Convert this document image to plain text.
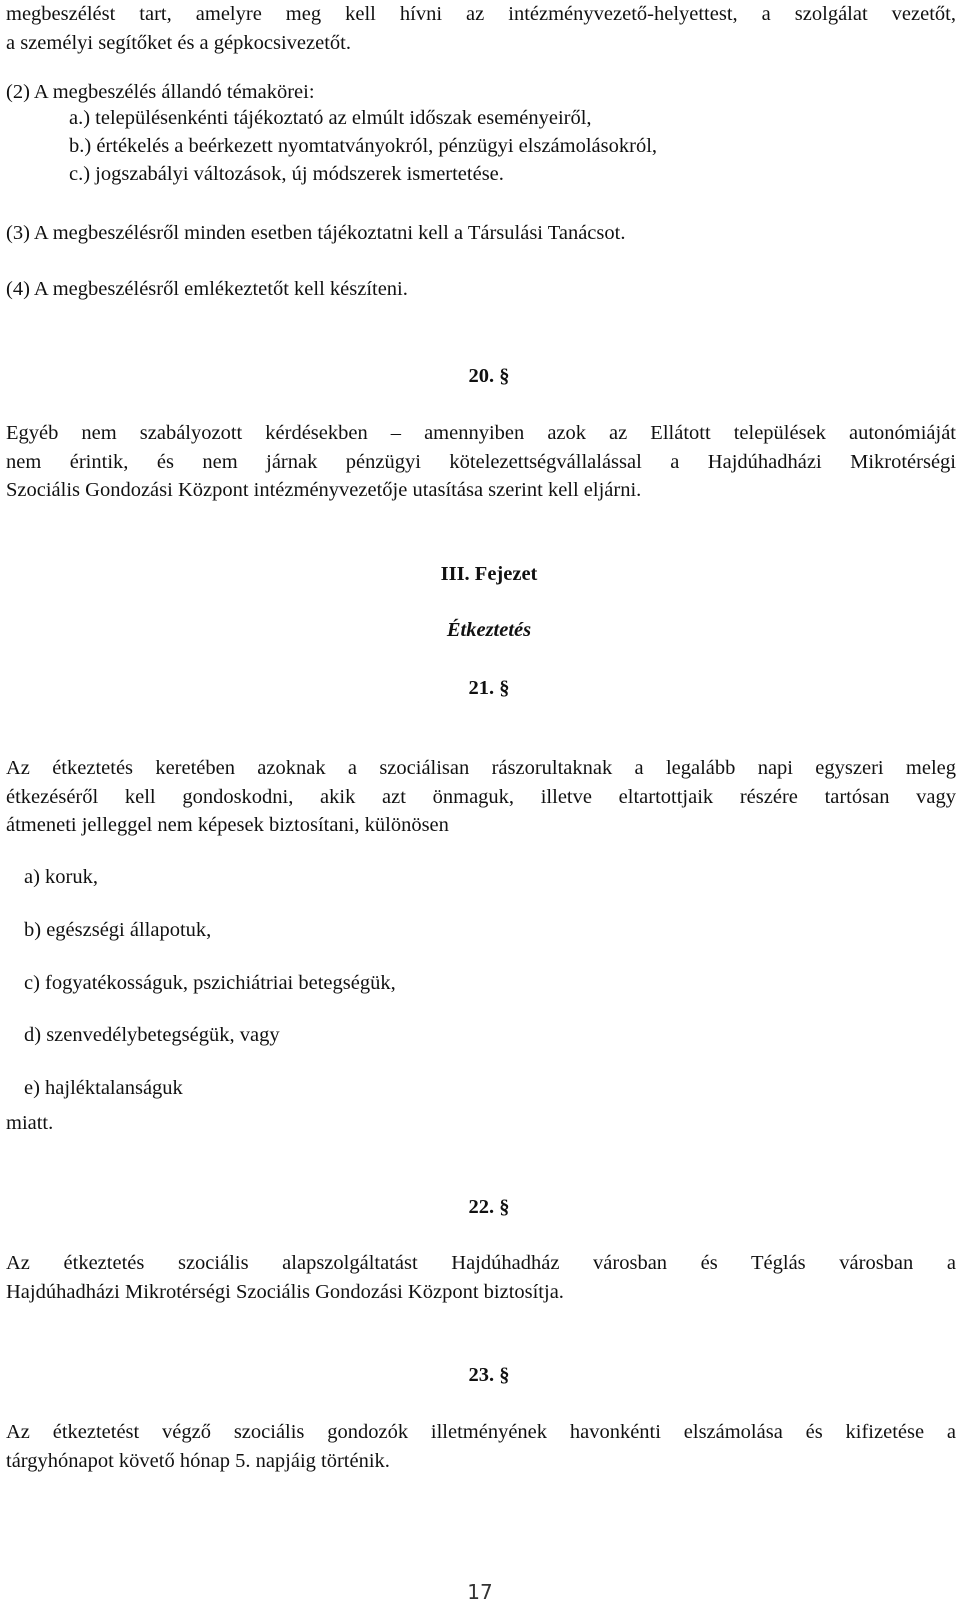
megbeszélést tart, amelyre meg kell hívni az intézményvezető-helyettest, a szolgálat vezetőt,
a személyi segítőket és a gépkocsivezetőt.

(2) A megbeszélés állandó témakörei:

a.) településenkénti tájékoztató az elmúlt időszak eseményeiről,

b.) értékelés a beérkezett nyomtatványokról, pénzügyi elszámolásokról,

c.) jogszabályi változások, új módszerek ismertetése.

(3) A megbeszélésről minden esetben tájékoztatni kell a Társulási Tanácsot.

(4) A megbeszélésről emlékeztetőt kell készíteni.

20. §

Egyéb nem szabályozott kérdésekben – amennyiben azok az Ellátott települések autonómiáját
nem érintik, és nem járnak pénzügyi kötelezettségvállalással a Hajdúhadházi Mikrotérségi
Szociális Gondozási Központ intézményvezetője utasítása szerint kell eljárni.

III. Fejezet

Étkeztetés

21. §

Az étkeztetés keretében azoknak a szociálisan rászorultaknak a legalább napi egyszeri meleg
étkezéséről kell gondoskodni, akik azt önmaguk, illetve eltartottjaik részére tartósan vagy
átmeneti jelleggel nem képesek biztosítani, különösen

a) koruk,

b) egészségi állapotuk,

c) fogyatékosságuk, pszichiátriai betegségük,

d) szenvedélybetegségük, vagy

e) hajléktalanságuk

miatt.

22. §

Az étkeztetés szociális alapszolgáltatást Hajdúhadház városban és Téglás városban a
Hajdúhadházi Mikrotérségi Szociális Gondozási Központ biztosítja.

23. §

Az étkeztetést végző szociális gondozók illetményének havonkénti elszámolása és kifizetése a
tárgyhónapot követő hónap 5. napjáig történik.
17
